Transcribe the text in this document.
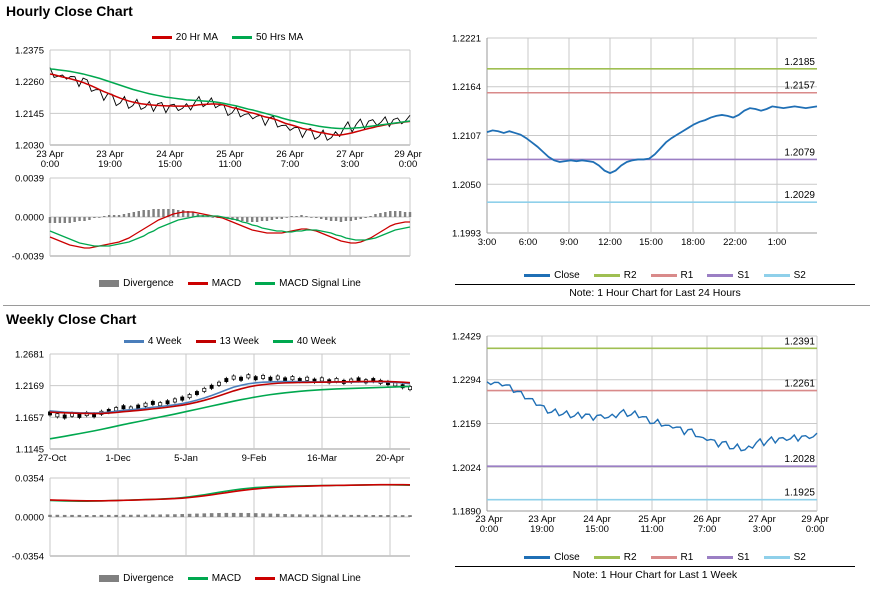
Hourly Close Chart
20 Hr MA	50 Hrs MA
1.2375
1.2260
1.2145
1.2030
23 Apr
0:00
23 Apr
19:00
24 Apr
15:00
25 Apr
11:00
26 Apr
7:00
27 Apr
3:00
29 Apr
0:00
0.0039
0.0000
-0.0039
Divergence	MACD	MACD Signal Line
1.2221
1.2164
1.2107
1.2050
1.1993
3:00 6:00 9:00 12:00 15:00 18:00 22:00 1:00
1.2185
1.2157
1.2079
1.2029
Close	R2	R1	S1	S2
Note: 1 Hour Chart for Last 24 Hours
Weekly Close Chart
4 Week	13 Week	40 Week
1.2681
1.2169
1.1657
1.1145
27-Oct	1-Dec	5-Jan	9-Feb	16-Mar	20-Apr
0.0354
0.0000
-0.0354
Divergence	MACD	MACD Signal Line
1.2429
1.2294
1.2159
1.2024
1.1890
23 Apr
0:00
23 Apr
19:00
24 Apr
15:00
25 Apr
11:00
26 Apr
7:00
27 Apr
3:00
29 Apr
0:00
1.2391
1.2261
1.2028
1.1925
Close	R2	R1	S1	S2
Note: 1 Hour Chart for Last 1 Week
